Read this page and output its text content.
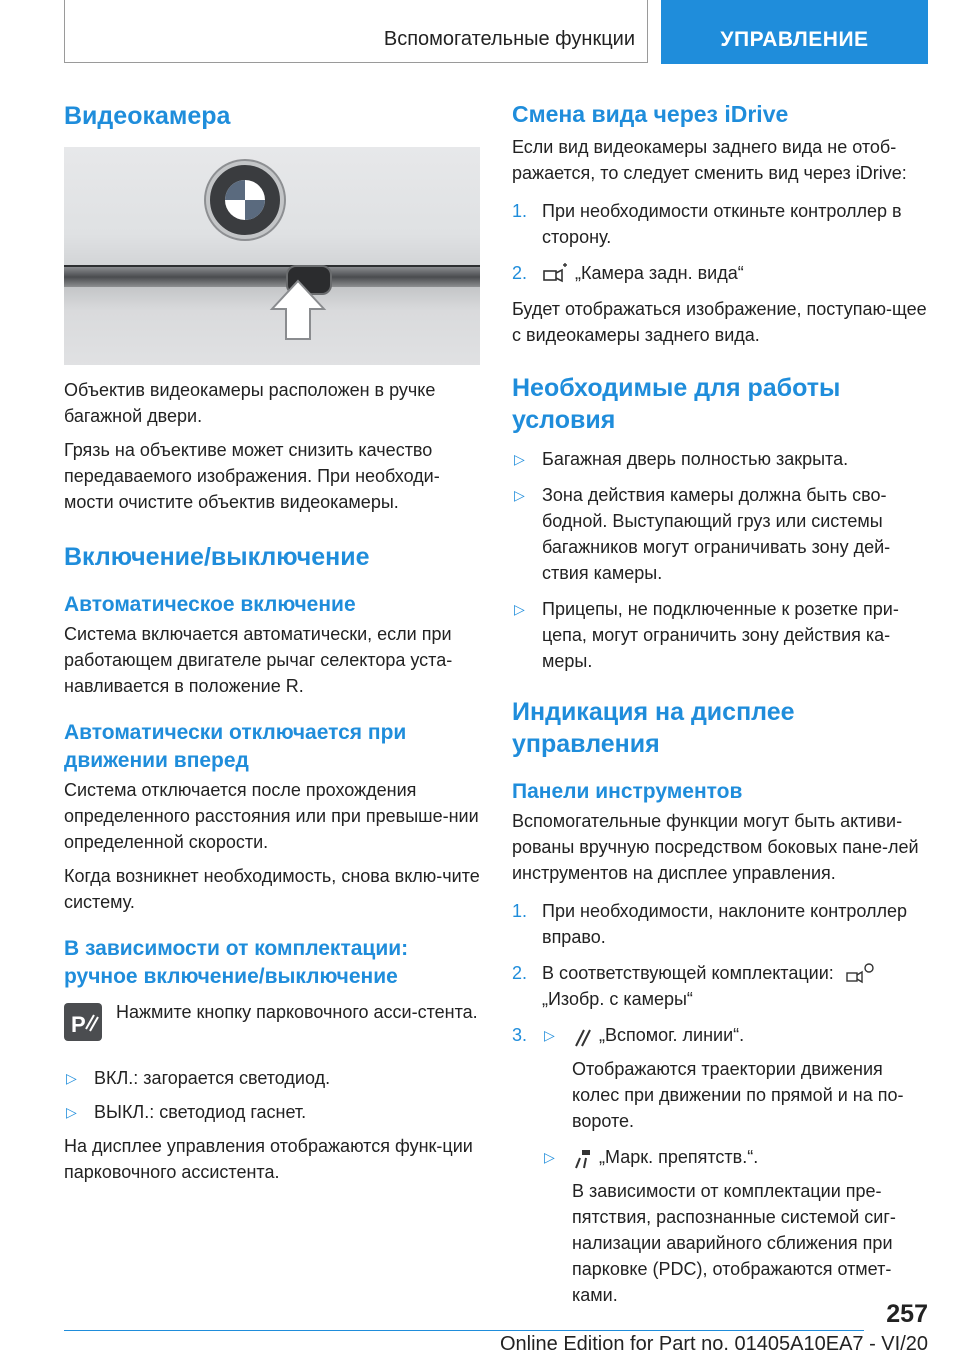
Вспомогательные функции	УПРАВЛЕНИЕ
Видеокамера

Объектив видеокамеры расположен в ручке багажной двери.

Грязь на объективе может снизить качество передаваемого изображения. При необходи-мости очистите объектив видеокамеры.

Включение/выключение
Автоматическое включение

Система включается автоматически, если при работающем двигателе рычаг селектора уста-навливается в положение R.

Автоматически отключается при движении вперед

Система отключается после прохождения определенного расстояния или при превыше-нии определенной скорости.

Когда возникнет необходимость, снова вклю-чите систему.

В зависимости от комплектации: ручное включение/выключение
P Нажмите кнопку парковочного асси-стента.

▷ ВКЛ.: загорается светодиод.
▷ ВЫКЛ.: светодиод гаснет.

На дисплее управления отображаются функ-ции парковочного ассистента.

Смена вида через iDrive

Если вид видеокамеры заднего вида не отоб-ражается, то следует сменить вид через iDrive:

1. При необходимости откиньте контроллер в сторону.
2.	„Камера задн. вида“

Будет отображаться изображение, поступаю-щее с видеокамеры заднего вида.

Необходимые для работы условия
▷ Багажная дверь полностью закрыта.
▷ Зона действия камеры должна быть сво-бодной. Выступающий груз или системы багажников могут ограничивать зону дей-ствия камеры.
▷ Прицепы, не подключенные к розетке при-цепа, могут ограничить зону действия ка-меры.
Индикация на дисплее управления
Панели инструментов

Вспомогательные функции могут быть активи-рованы вручную посредством боковых пане-лей инструментов на дисплее управления.

1. При необходимости, наклоните контроллер вправо.
2. В соответствующей комплектации:
„Изобр. с камеры“
3. ▷ „Вспомог. линии“.

Отображаются траектории движения колес при движении по прямой и на по-вороте.

▷ „Марк. препятств.“.

В зависимости от комплектации пре-пятствия, распознанные системой сиг-нализации аварийного сближения при парковке (PDC), отображаются отмет-ками.

257
Online Edition for Part no. 01405A10EA7 - VI/20
